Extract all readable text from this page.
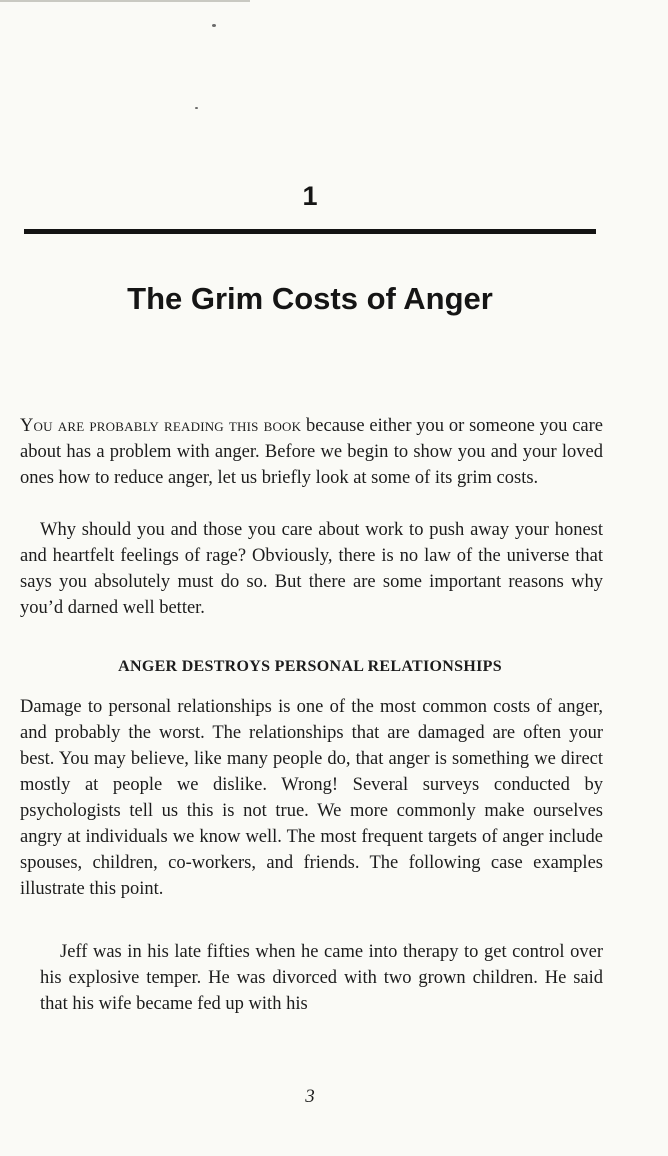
1
The Grim Costs of Anger

You are probably reading this book because either you or someone you care about has a problem with anger. Before we begin to show you and your loved ones how to reduce anger, let us briefly look at some of its grim costs.

Why should you and those you care about work to push away your honest and heartfelt feelings of rage? Obviously, there is no law of the universe that says you absolutely must do so. But there are some important reasons why you’d darned well better.

ANGER DESTROYS PERSONAL RELATIONSHIPS

Damage to personal relationships is one of the most common costs of anger, and probably the worst. The relationships that are damaged are often your best. You may believe, like many people do, that anger is something we direct mostly at people we dislike. Wrong! Several surveys conducted by psychologists tell us this is not true. We more commonly make ourselves angry at individuals we know well. The most frequent targets of anger include spouses, children, co-workers, and friends. The following case examples illustrate this point.

Jeff was in his late fifties when he came into therapy to get control over his explosive temper. He was divorced with two grown children. He said that his wife became fed up with his

3
